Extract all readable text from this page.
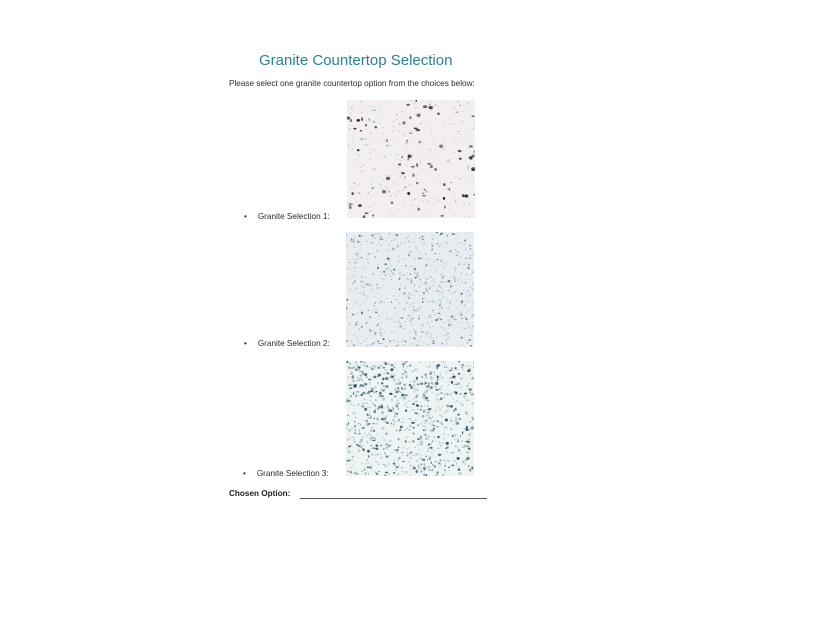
Granite Countertop Selection

Please select one granite countertop option from the choices below:

• Granite Selection 1:
• Granite Selection 2:
• Granite Selection 3:
Chosen Option:
